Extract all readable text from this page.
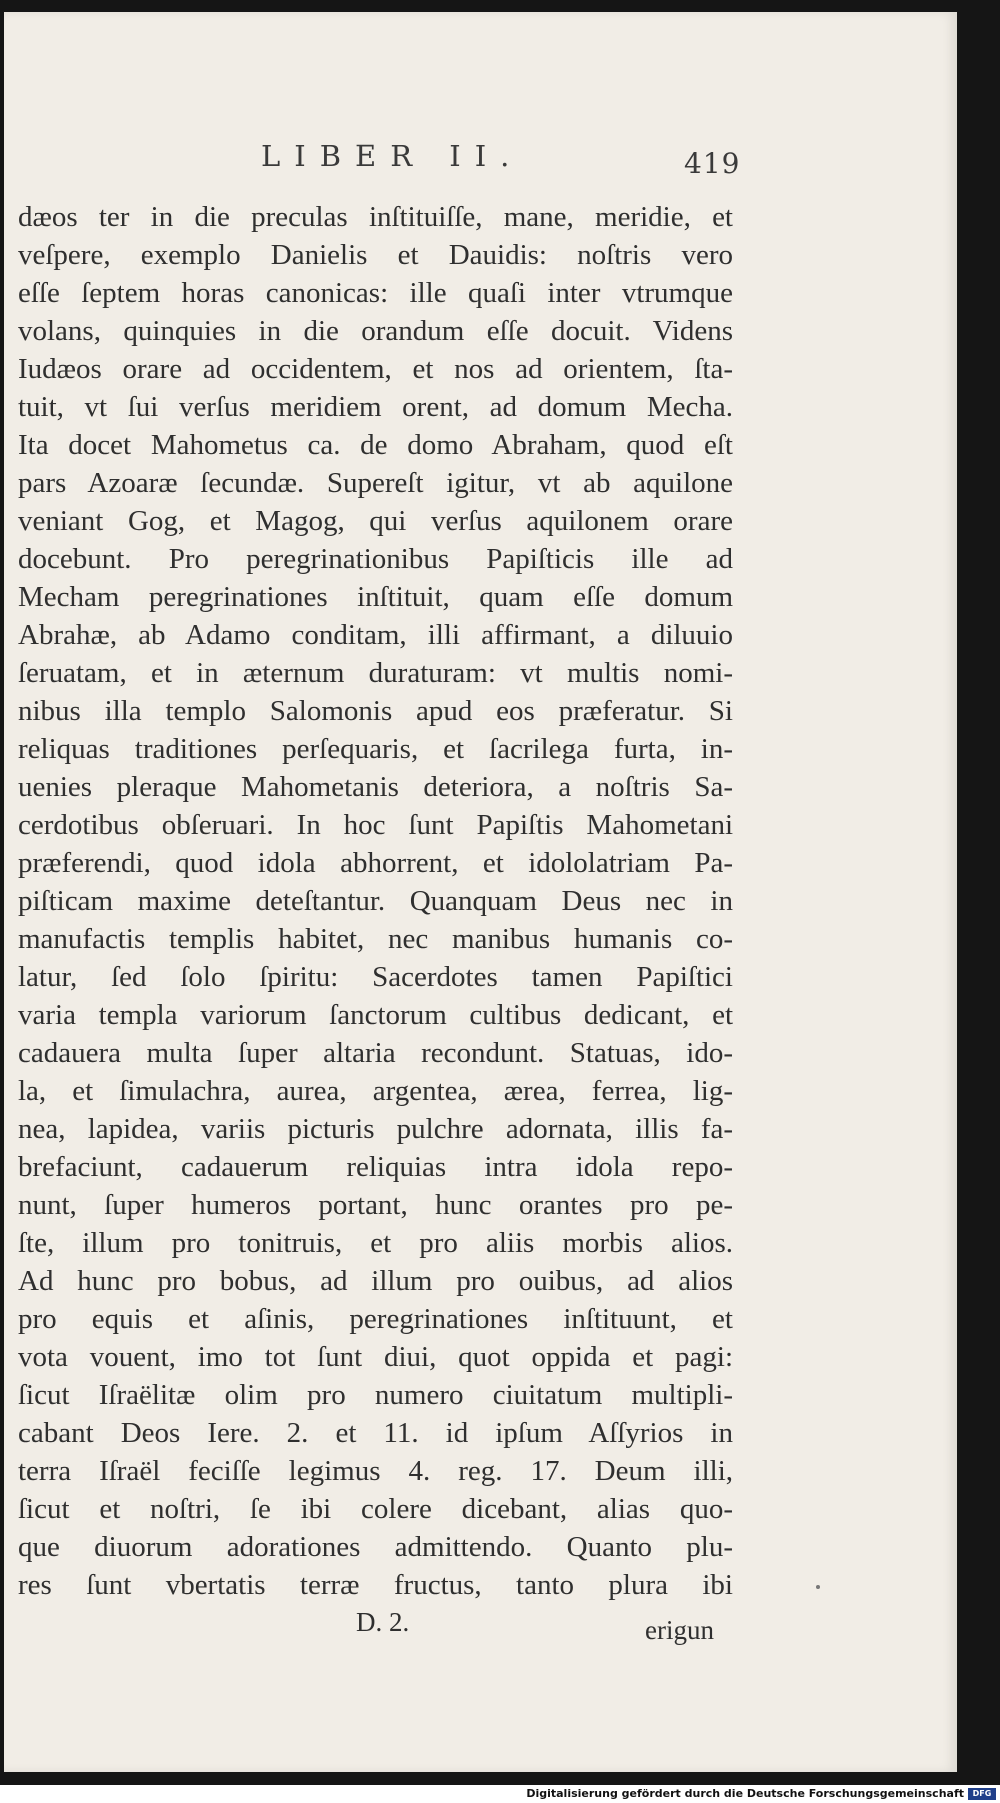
LIBER II.	419
dæos ter in die preculas inſtituiſſe, mane, meridie, et
veſpere, exemplo Danielis et Dauidis: noſtris vero
eſſe ſeptem horas canonicas: ille quaſi inter vtrumque
volans, quinquies in die orandum eſſe docuit. Videns
Iudæos orare ad occidentem, et nos ad orientem, ſta-
tuit, vt ſui verſus meridiem orent, ad domum Mecha.
Ita docet Mahometus ca. de domo Abraham, quod eſt
pars Azoaræ ſecundæ. Supereſt igitur, vt ab aquilone
veniant Gog, et Magog, qui verſus aquilonem orare
docebunt. Pro peregrinationibus Papiſticis ille ad
Mecham peregrinationes inſtituit, quam eſſe domum
Abrahæ, ab Adamo conditam, illi affirmant, a diluuio
ſeruatam, et in æternum duraturam: vt multis nomi-
nibus illa templo Salomonis apud eos præferatur. Si
reliquas traditiones perſequaris, et ſacrilega furta, in-
uenies pleraque Mahometanis deteriora, a noſtris Sa-
cerdotibus obſeruari. In hoc ſunt Papiſtis Mahometani
præferendi, quod idola abhorrent, et idololatriam Pa-
piſticam maxime deteſtantur. Quanquam Deus nec in
manufactis templis habitet, nec manibus humanis co-
latur, ſed ſolo ſpiritu: Sacerdotes tamen Papiſtici
varia templa variorum ſanctorum cultibus dedicant, et
cadauera multa ſuper altaria recondunt. Statuas, ido-
la, et ſimulachra, aurea, argentea, ærea, ferrea, lig-
nea, lapidea, variis picturis pulchre adornata, illis fa-
brefaciunt, cadauerum reliquias intra idola repo-
nunt, ſuper humeros portant, hunc orantes pro pe-
ſte, illum pro tonitruis, et pro aliis morbis alios.
Ad hunc pro bobus, ad illum pro ouibus, ad alios
pro equis et aſinis, peregrinationes inſtituunt, et
vota vouent, imo tot ſunt diui, quot oppida et pagi:
ſicut Iſraëlitæ olim pro numero ciuitatum multipli-
cabant Deos Iere. 2. et 11. id ipſum Aſſyrios in
terra Iſraël feciſſe legimus 4. reg. 17. Deum illi,
ſicut et noſtri, ſe ibi colere dicebant, alias quo-
que diuorum adorationes admittendo. Quanto plu-
res ſunt vbertatis terræ fructus, tanto plura ibi
D. 2.	erigun
Digitalisierung gefördert durch die Deutsche Forschungsgemeinschaft	DFG
